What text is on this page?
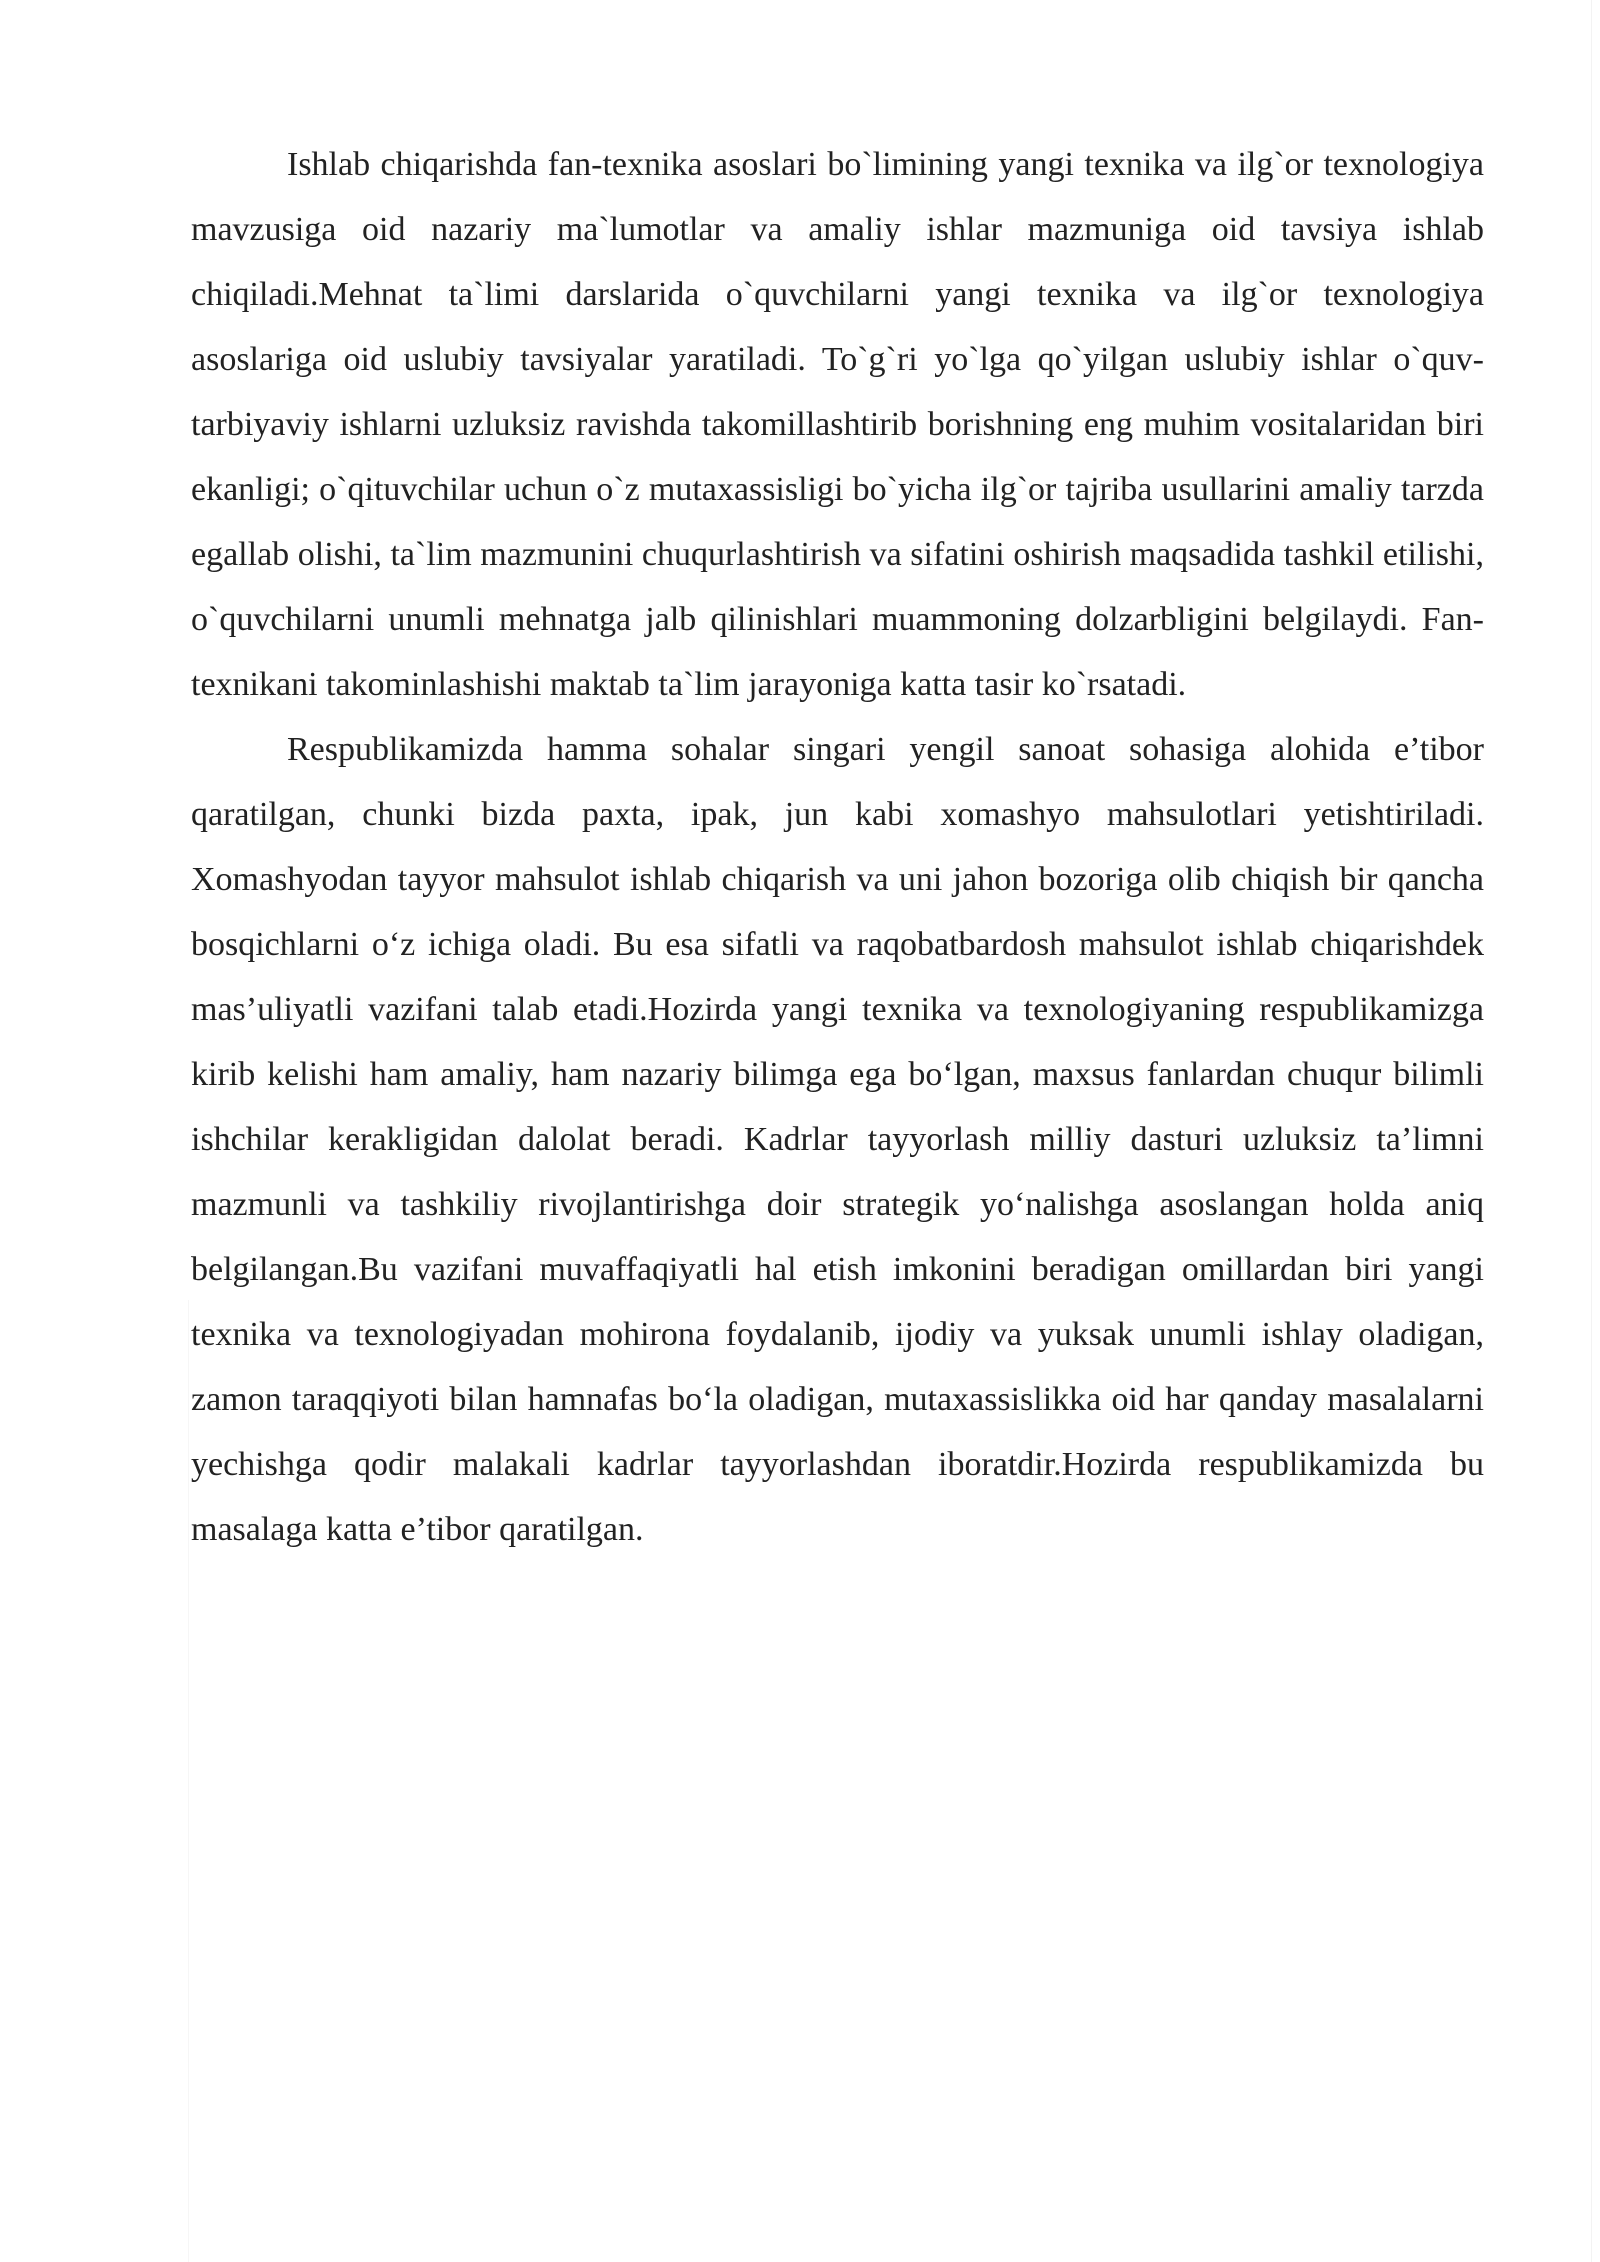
Ishlab chiqarishda fan-texnika asoslari bo`limining yangi texnika va ilg`or texnologiya mavzusiga oid nazariy ma`lumotlar va amaliy ishlar mazmuniga oid tavsiya ishlab chiqiladi.Mehnat ta`limi darslarida o`quvchilarni yangi texnika va ilg`or texnologiya asoslariga oid uslubiy tavsiyalar yaratiladi. To`g`ri yo`lga qo`yilgan uslubiy ishlar o`quv-tarbiyaviy ishlarni uzluksiz ravishda takomillashtirib borishning eng muhim vositalaridan biri ekanligi; o`qituvchilar uchun o`z mutaxassisligi bo`yicha ilg`or tajriba usullarini amaliy tarzda egallab olishi, ta`lim mazmunini chuqurlashtirish va sifatini oshirish maqsadida tashkil etilishi, o`quvchilarni unumli mehnatga jalb qilinishlari muammoning dolzarbligini belgilaydi. Fan-texnikani takominlashishi maktab ta`lim jarayoniga katta tasir ko`rsatadi.

Respublikamizda hamma sohalar singari yengil sanoat sohasiga alohida e’tibor qaratilgan, chunki bizda paxta, ipak, jun kabi xomashyo mahsulotlari yetishtiriladi. Xomashyodan tayyor mahsulot ishlab chiqarish va uni jahon bozoriga olib chiqish bir qancha bosqichlarni o‘z ichiga oladi. Bu esa sifatli va raqobatbardosh mahsulot ishlab chiqarishdek mas’uliyatli vazifani talab etadi.Hozirda yangi texnika va texnologiyaning respublikamizga kirib kelishi ham amaliy, ham nazariy bilimga ega bo‘lgan, maxsus fanlardan chuqur bilimli ishchilar kerakligidan dalolat beradi. Kadrlar tayyorlash milliy dasturi uzluksiz ta’limni mazmunli va tashkiliy rivojlantirishga doir strategik yo‘nalishga asoslangan holda aniq belgilangan.Bu vazifani muvaffaqiyatli hal etish imkonini beradigan omillardan biri yangi texnika va texnologiyadan mohirona foydalanib, ijodiy va yuksak unumli ishlay oladigan, zamon taraqqiyoti bilan hamnafas bo‘la oladigan, mutaxassislikka oid har qanday masalalarni yechishga qodir malakali kadrlar tayyorlashdan iboratdir.Hozirda respublikamizda bu masalaga katta e’tibor qaratilgan.
